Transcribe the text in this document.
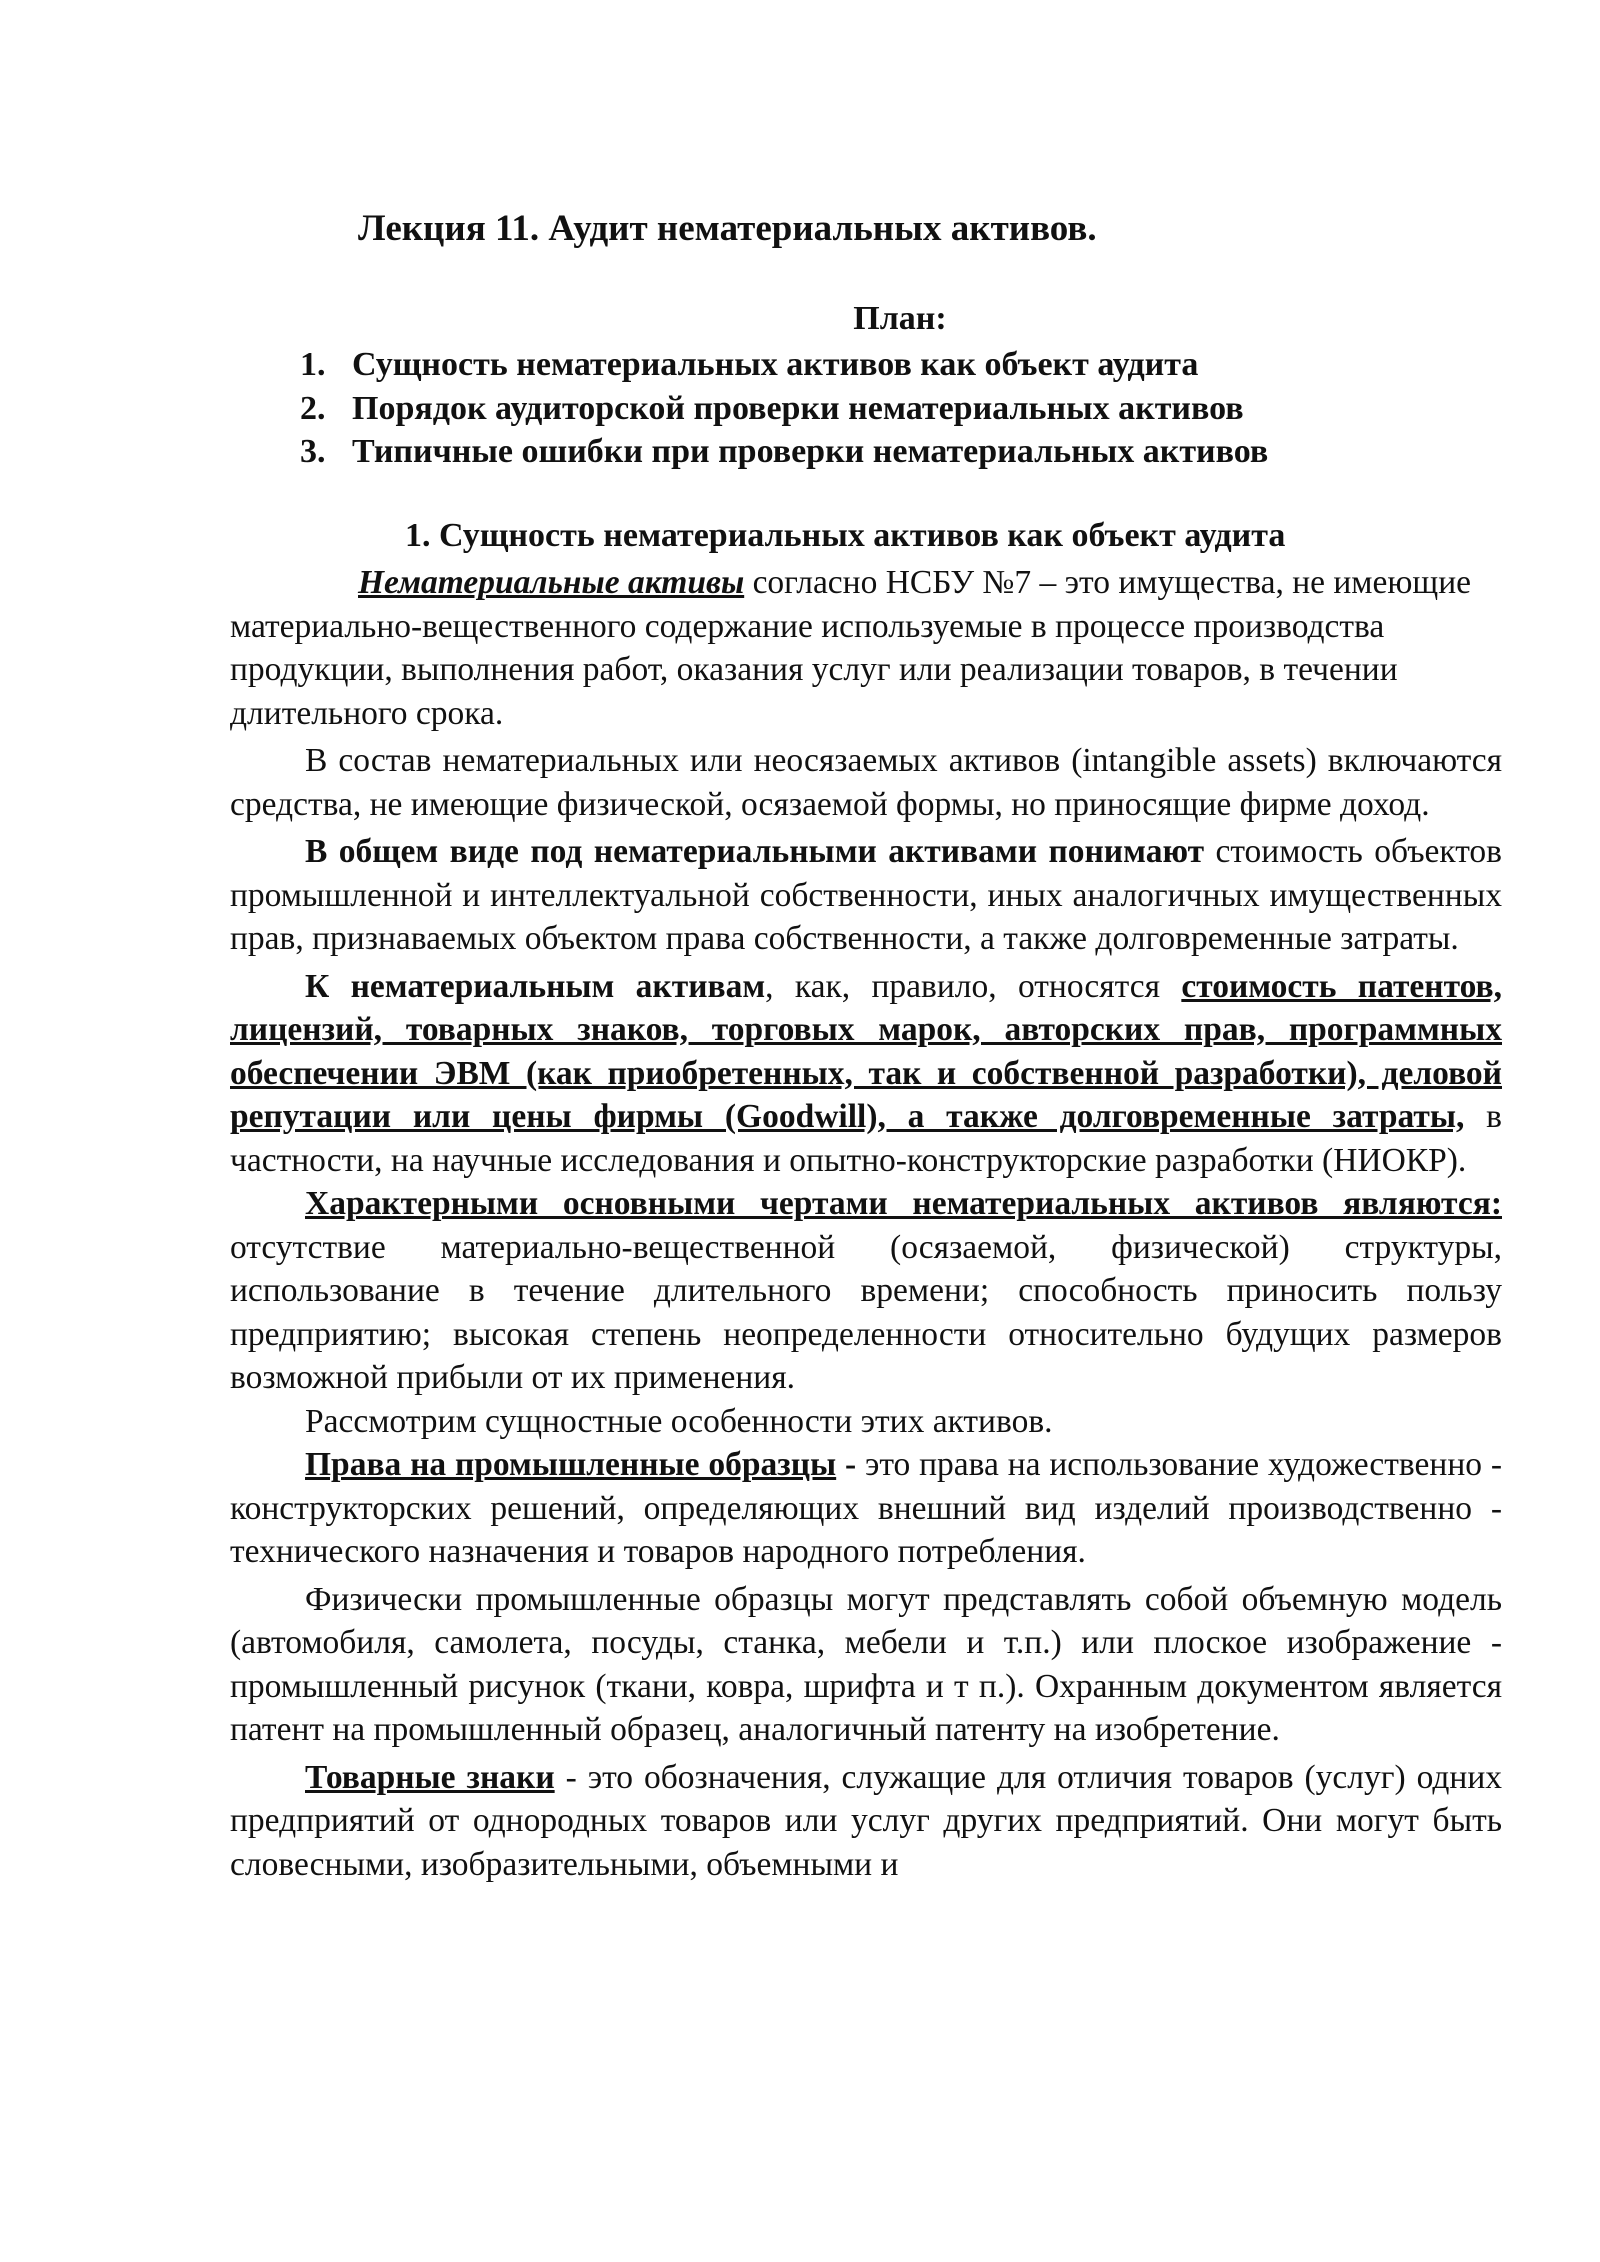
Лекция 11. Аудит нематериальных активов.
План:
1. Сущность нематериальных активов как объект аудита
2. Порядок аудиторской проверки нематериальных активов
3. Типичные ошибки при проверки нематериальных активов
1. Сущность нематериальных активов как объект аудита

Нематериальные активы согласно НСБУ №7 – это имущества, не имеющие материально-вещественного содержание используемые в процессе производства продукции, выполнения работ, оказания услуг или реализации товаров, в течении длительного срока.

В состав нематериальных или неосязаемых активов (intangible assets) включаются средства, не имеющие физической, осязаемой формы, но приносящие фирме доход.

В общем виде под нематериальными активами понимают стоимость объектов промышленной и интеллектуальной собственности, иных аналогичных имущественных прав, признаваемых объектом права собственности, а также долговременные затраты.

К нематериальным активам, как, правило, относятся стоимость патентов, лицензий, товарных знаков, торговых марок, авторских прав, программных обеспечении ЭВМ (как приобретенных, так и собственной разработки), деловой репутации или цены фирмы (Goodwill), а также долговременные затраты, в частности, на научные исследования и опытно-конструкторские разработки (НИОКР).

Характерными основными чертами нематериальных активов являются: отсутствие материально-вещественной (осязаемой, физической) структуры, использование в течение длительного времени; способность приносить пользу предприятию; высокая степень неопределенности относительно будущих размеров возможной прибыли от их применения.

Рассмотрим сущностные особенности этих активов.

Права на промышленные образцы - это права на использование художественно - конструкторских решений, определяющих внешний вид изделий производственно - технического назначения и товаров народного потребления.

Физически промышленные образцы могут представлять собой объемную модель (автомобиля, самолета, посуды, станка, мебели и т.п.) или плоское изображение - промышленный рисунок (ткани, ковра, шрифта и т п.). Охранным документом является патент на промышленный образец, аналогичный патенту на изобретение.

Товарные знаки - это обозначения, служащие для отличия товаров (услуг) одних предприятий от однородных товаров или услуг других предприятий. Они могут быть словесными, изобразительными, объемными и
